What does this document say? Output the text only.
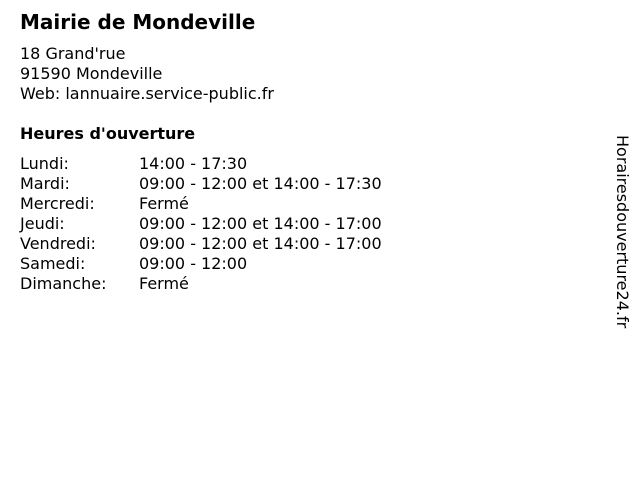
Mairie de Mondeville
18 Grand'rue
91590 Mondeville
Web: lannuaire.service-public.fr
Heures d'ouverture
Lundi:	14:00 - 17:30
Mardi:	09:00 - 12:00 et 14:00 - 17:30
Mercredi:	Fermé
Jeudi:	09:00 - 12:00 et 14:00 - 17:00
Vendredi:	09:00 - 12:00 et 14:00 - 17:00
Samedi:	09:00 - 12:00
Dimanche:	Fermé	Horairesdouverture24.fr
